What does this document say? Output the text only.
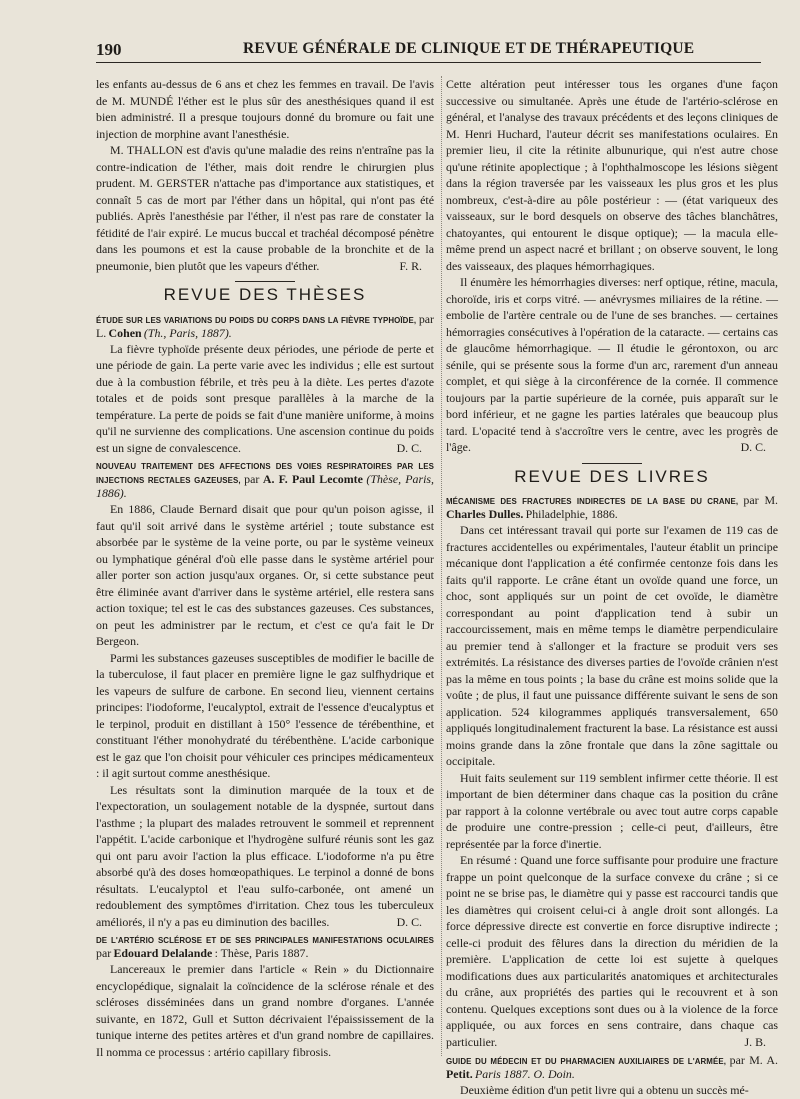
190	REVUE GÉNÉRALE DE CLINIQUE ET DE THÉRAPEUTIQUE

les enfants au-dessus de 6 ans et chez les femmes en travail. De l'avis de M. MUNDÉ l'éther est le plus sûr des anesthésiques quand il est bien administré. Il a presque toujours donné du bromure ou fait une injection de morphine avant l'anesthésie.

M. THALLON est d'avis qu'une maladie des reins n'entraîne pas la contre-indication de l'éther, mais doit rendre le chirurgien plus prudent. M. GERSTER n'attache pas d'importance aux statistiques, et connaît 5 cas de mort par l'éther dans un hôpital, qui n'ont pas été publiés. Après l'anesthésie par l'éther, il n'est pas rare de constater la fétidité de l'air expiré. Le mucus buccal et trachéal décomposé pénètre dans les poumons et est la cause probable de la bronchite et de la pneumonie, bien plutôt que les vapeurs d'éther.	F. R.

REVUE DES THÈSES

ÉTUDE SUR LES VARIATIONS DU POIDS DU CORPS DANS LA FIÈVRE TYPHOÏDE, par L. Cohen (Th., Paris, 1887).

La fièvre typhoïde présente deux périodes, une période de perte et une période de gain. La perte varie avec les individus ; elle est surtout due à la combustion fébrile, et très peu à la diète. Les pertes d'azote totales et de poids sont presque parallèles à la marche de la température. La perte de poids se fait d'une manière uniforme, à moins qu'il ne survienne des complications. Une ascension continue du poids est un signe de convalescence.	D. C.

NOUVEAU TRAITEMENT DES AFFECTIONS DES VOIES RESPIRATOIRES PAR LES INJECTIONS RECTALES GAZEUSES, par A. F. Paul Lecomte (Thèse, Paris, 1886).

En 1886, Claude Bernard disait que pour qu'un poison agisse, il faut qu'il soit arrivé dans le système artériel ; toute substance est absorbée par le système de la veine porte, ou par le système veineux ou lymphatique général d'où elle passe dans le système artériel pour aller porter son action jusqu'aux organes. Or, si cette substance peut être éliminée avant d'arriver dans le système artériel, elle restera sans action toxique; tel est le cas des substances gazeuses. Ces substances, on peut les administrer par le rectum, et c'est ce qu'a fait le Dr Bergeon.

Parmi les substances gazeuses susceptibles de modifier le bacille de la tuberculose, il faut placer en première ligne le gaz sulfhydrique et les vapeurs de sulfure de carbone. En second lieu, viennent certains principes: l'iodoforme, l'eucalyptol, extrait de l'essence d'eucalyptus et le terpinol, produit en distillant à 150° l'essence de térébenthine, et constituant l'éther monohydraté du térébenthène. L'acide carbonique est le gaz que l'on choisit pour véhiculer ces principes médicamenteux : il agit surtout comme anesthésique.

Les résultats sont la diminution marquée de la toux et de l'expectoration, un soulagement notable de la dyspnée, surtout dans l'asthme ; la plupart des malades retrouvent le sommeil et reprennent l'appétit. L'acide carbonique et l'hydrogène sulfuré réunis sont les gaz qui ont paru avoir l'action la plus efficace. L'iodoforme n'a pu être absorbé qu'à des doses homœopathiques. Le terpinol a donné de bons résultats. L'eucalyptol et l'eau sulfo-carbonée, ont amené un redoublement des symptômes d'irritation. Chez tous les tuberculeux améliorés, il n'y a pas eu diminution des bacilles.	D. C.

DE L'ARTÉRIO SCLÉROSE ET DE SES PRINCIPALES MANIFESTATIONS OCULAIRES par Edouard Delalande : Thèse, Paris 1887.

Lancereaux le premier dans l'article « Rein » du Dictionnaire encyclopédique, signalait la coïncidence de la sclérose rénale et des scléroses disséminées dans un grand nombre d'organes. L'année suivante, en 1872, Gull et Sutton décrivaient l'épaississement de la tunique interne des petites artères et d'un grand nombre de capillaires. Il nomma ce processus : artério capillary fibrosis.

Cette altération peut intéresser tous les organes d'une façon successive ou simultanée. Après une étude de l'artério-sclérose en général, et l'analyse des travaux précédents et des leçons cliniques de M. Henri Huchard, l'auteur décrit ses manifestations oculaires. En premier lieu, il cite la rétinite albunurique, qui n'est autre chose qu'une rétinite apoplectique ; à l'ophthalmoscope les lésions siègent dans la région traversée par les vaisseaux les plus gros et les plus nombreux, c'est-à-dire au pôle postérieur : — (état variqueux des vaisseaux, sur le bord desquels on observe des tâches blanchâtres, chatoyantes, qui entourent le disque optique); — la macula elle-même prend un aspect nacré et brillant ; on observe souvent, le long des vaisseaux, des plaques hémorrhagiques.

Il énumère les hémorrhagies diverses: nerf optique, rétine, macula, choroïde, iris et corps vitré. — anévrysmes miliaires de la rétine. — embolie de l'artère centrale ou de l'une de ses branches. — certaines hémorragies consécutives à l'opération de la cataracte. — certains cas de glaucôme hémorrhagique. — Il étudie le gérontoxon, ou arc sénile, qui se présente sous la forme d'un arc, rarement d'un anneau complet, et qui siège à la circonférence de la cornée. Il commence toujours par la partie supérieure de la cornée, puis apparaît sur le bord inférieur, et ne gagne les parties latérales que beaucoup plus tard. L'opacité tend à s'accroître vers le centre, avec les progrès de l'âge.	D. C.

REVUE DES LIVRES

MÉCANISME DES FRACTURES INDIRECTES DE LA BASE DU CRANE, par M. Charles Dulles. Philadelphie, 1886.

Dans cet intéressant travail qui porte sur l'examen de 119 cas de fractures accidentelles ou expérimentales, l'auteur établit un principe mécanique dont l'application a été confirmée centonze fois dans les faits qu'il rapporte. Le crâne étant un ovoïde quand une force, un choc, sont appliqués sur un point de cet ovoïde, le diamètre correspondant au point d'application tend à subir un raccourcissement, mais en même temps le diamètre perpendiculaire au premier tend à s'allonger et la fracture se produit vers ses extrémités. La résistance des diverses parties de l'ovoïde crânien n'est pas la même en tous points ; la base du crâne est moins solide que la voûte ; de plus, il faut une puissance différente suivant le sens de son application. 524 kilogrammes appliqués transversalement, 650 appliqués longitudinalement fracturent la base. La résistance est aussi moins grande dans la zône frontale que dans la zône sagittale ou occipitale.

Huit faits seulement sur 119 semblent infirmer cette théorie. Il est important de bien déterminer dans chaque cas la position du crâne par rapport à la colonne vertébrale ou avec tout autre corps capable de produire une contre-pression ; celle-ci peut, d'ailleurs, être représentée par la force d'inertie.

En résumé : Quand une force suffisante pour produire une fracture frappe un point quelconque de la surface convexe du crâne ; si ce point ne se brise pas, le diamètre qui y passe est raccourci tandis que les diamètres qui croisent celui-ci à angle droit sont allongés. La force dépressive directe est convertie en force disruptive indirecte ; celle-ci produit des fêlures dans la direction du méridien de la première. L'application de cette loi est sujette à quelques modifications dues aux particularités anatomiques et architecturales du crâne, aux propriétés des parties qui le recouvrent et à son contenu. Quelques exceptions sont dues ou à la violence de la force appliquée, ou aux forces en sens contraire, dans chaque cas particulier.	J. B.

GUIDE DU MÉDECIN ET DU PHARMACIEN AUXILIAIRES DE L'ARMÉE, par M. A. Petit. Paris 1887. O. Doin.

Deuxième édition d'un petit livre qui a obtenu un succès mé-
